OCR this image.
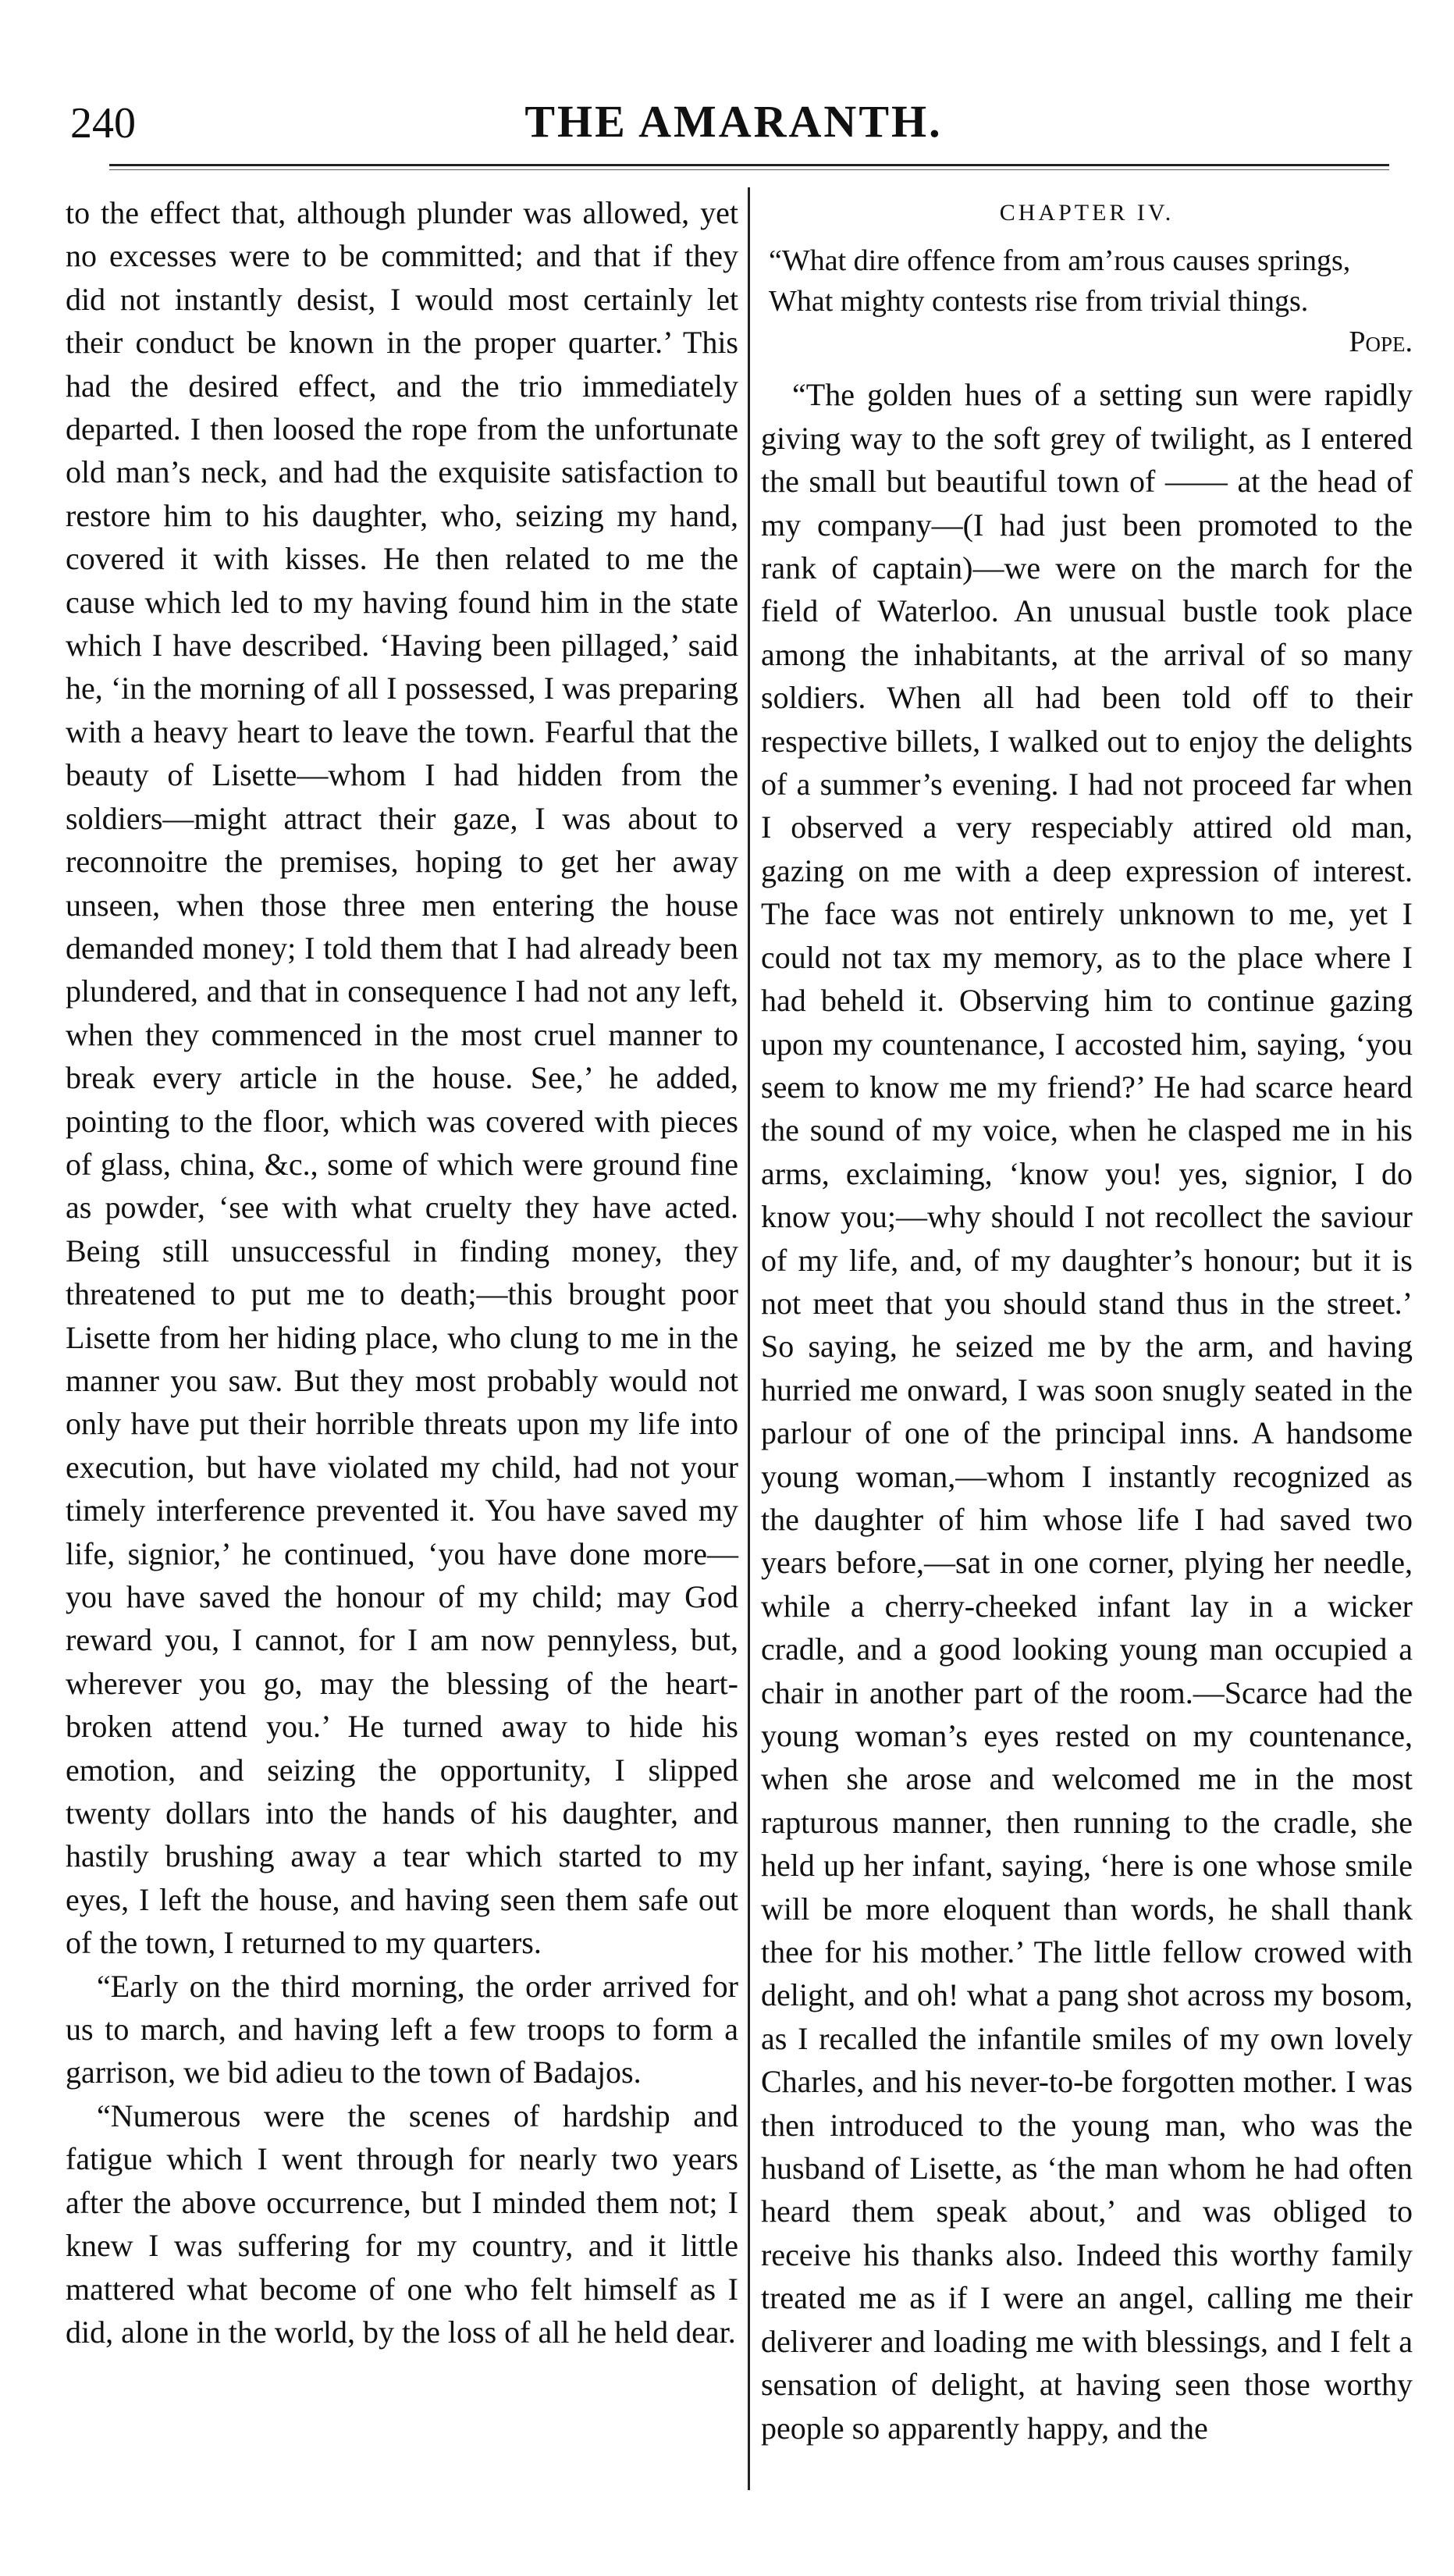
240	THE AMARANTH.

to the effect that, although plunder was allowed, yet no excesses were to be committed; and that if they did not instantly desist, I would most certainly let their conduct be known in the proper quarter.’ This had the desired effect, and the trio immediately departed. I then loosed the rope from the unfortunate old man’s neck, and had the exquisite satisfaction to restore him to his daughter, who, seizing my hand, covered it with kisses. He then related to me the cause which led to my having found him in the state which I have described. ‘Having been pillaged,’ said he, ‘in the morning of all I possessed, I was preparing with a heavy heart to leave the town. Fearful that the beauty of Lisette—whom I had hidden from the soldiers—might attract their gaze, I was about to reconnoitre the premises, hoping to get her away unseen, when those three men entering the house demanded money; I told them that I had already been plundered, and that in consequence I had not any left, when they commenced in the most cruel manner to break every article in the house. See,’ he added, pointing to the floor, which was covered with pieces of glass, china, &c., some of which were ground fine as powder, ‘see with what cruelty they have acted. Being still unsuccessful in finding money, they threatened to put me to death;—this brought poor Lisette from her hiding place, who clung to me in the manner you saw. But they most probably would not only have put their horrible threats upon my life into execution, but have violated my child, had not your timely interference prevented it. You have saved my life, signior,’ he continued, ‘you have done more—you have saved the honour of my child; may God reward you, I cannot, for I am now pennyless, but, wherever you go, may the blessing of the heart-broken attend you.’ He turned away to hide his emotion, and seizing the opportunity, I slipped twenty dollars into the hands of his daughter, and hastily brushing away a tear which started to my eyes, I left the house, and having seen them safe out of the town, I returned to my quarters.

“Early on the third morning, the order arrived for us to march, and having left a few troops to form a garrison, we bid adieu to the town of Badajos.

“Numerous were the scenes of hardship and fatigue which I went through for nearly two years after the above occurrence, but I minded them not; I knew I was suffering for my country, and it little mattered what become of one who felt himself as I did, alone in the world, by the loss of all he held dear.

CHAPTER IV.

“What dire offence from am’rous causes springs,
What mighty contests rise from trivial things.

Pope.

“The golden hues of a setting sun were rapidly giving way to the soft grey of twilight, as I entered the small but beautiful town of —— at the head of my company—(I had just been promoted to the rank of captain)—we were on the march for the field of Waterloo. An unusual bustle took place among the inhabitants, at the arrival of so many soldiers. When all had been told off to their respective billets, I walked out to enjoy the delights of a summer’s evening. I had not proceed far when I observed a very respeciably attired old man, gazing on me with a deep expression of interest. The face was not entirely unknown to me, yet I could not tax my memory, as to the place where I had beheld it. Observing him to continue gazing upon my countenance, I accosted him, saying, ‘you seem to know me my friend?’ He had scarce heard the sound of my voice, when he clasped me in his arms, exclaiming, ‘know you! yes, signior, I do know you;—why should I not recollect the saviour of my life, and, of my daughter’s honour; but it is not meet that you should stand thus in the street.’ So saying, he seized me by the arm, and having hurried me onward, I was soon snugly seated in the parlour of one of the principal inns. A handsome young woman,—whom I instantly recognized as the daughter of him whose life I had saved two years before,—sat in one corner, plying her needle, while a cherry-cheeked infant lay in a wicker cradle, and a good looking young man occupied a chair in another part of the room.—Scarce had the young woman’s eyes rested on my countenance, when she arose and welcomed me in the most rapturous manner, then running to the cradle, she held up her infant, saying, ‘here is one whose smile will be more eloquent than words, he shall thank thee for his mother.’ The little fellow crowed with delight, and oh! what a pang shot across my bosom, as I recalled the infantile smiles of my own lovely Charles, and his never-to-be forgotten mother. I was then introduced to the young man, who was the husband of Lisette, as ‘the man whom he had often heard them speak about,’ and was obliged to receive his thanks also. Indeed this worthy family treated me as if I were an angel, calling me their deliverer and loading me with blessings, and I felt a sensation of delight, at having seen those worthy people so apparently happy, and the
